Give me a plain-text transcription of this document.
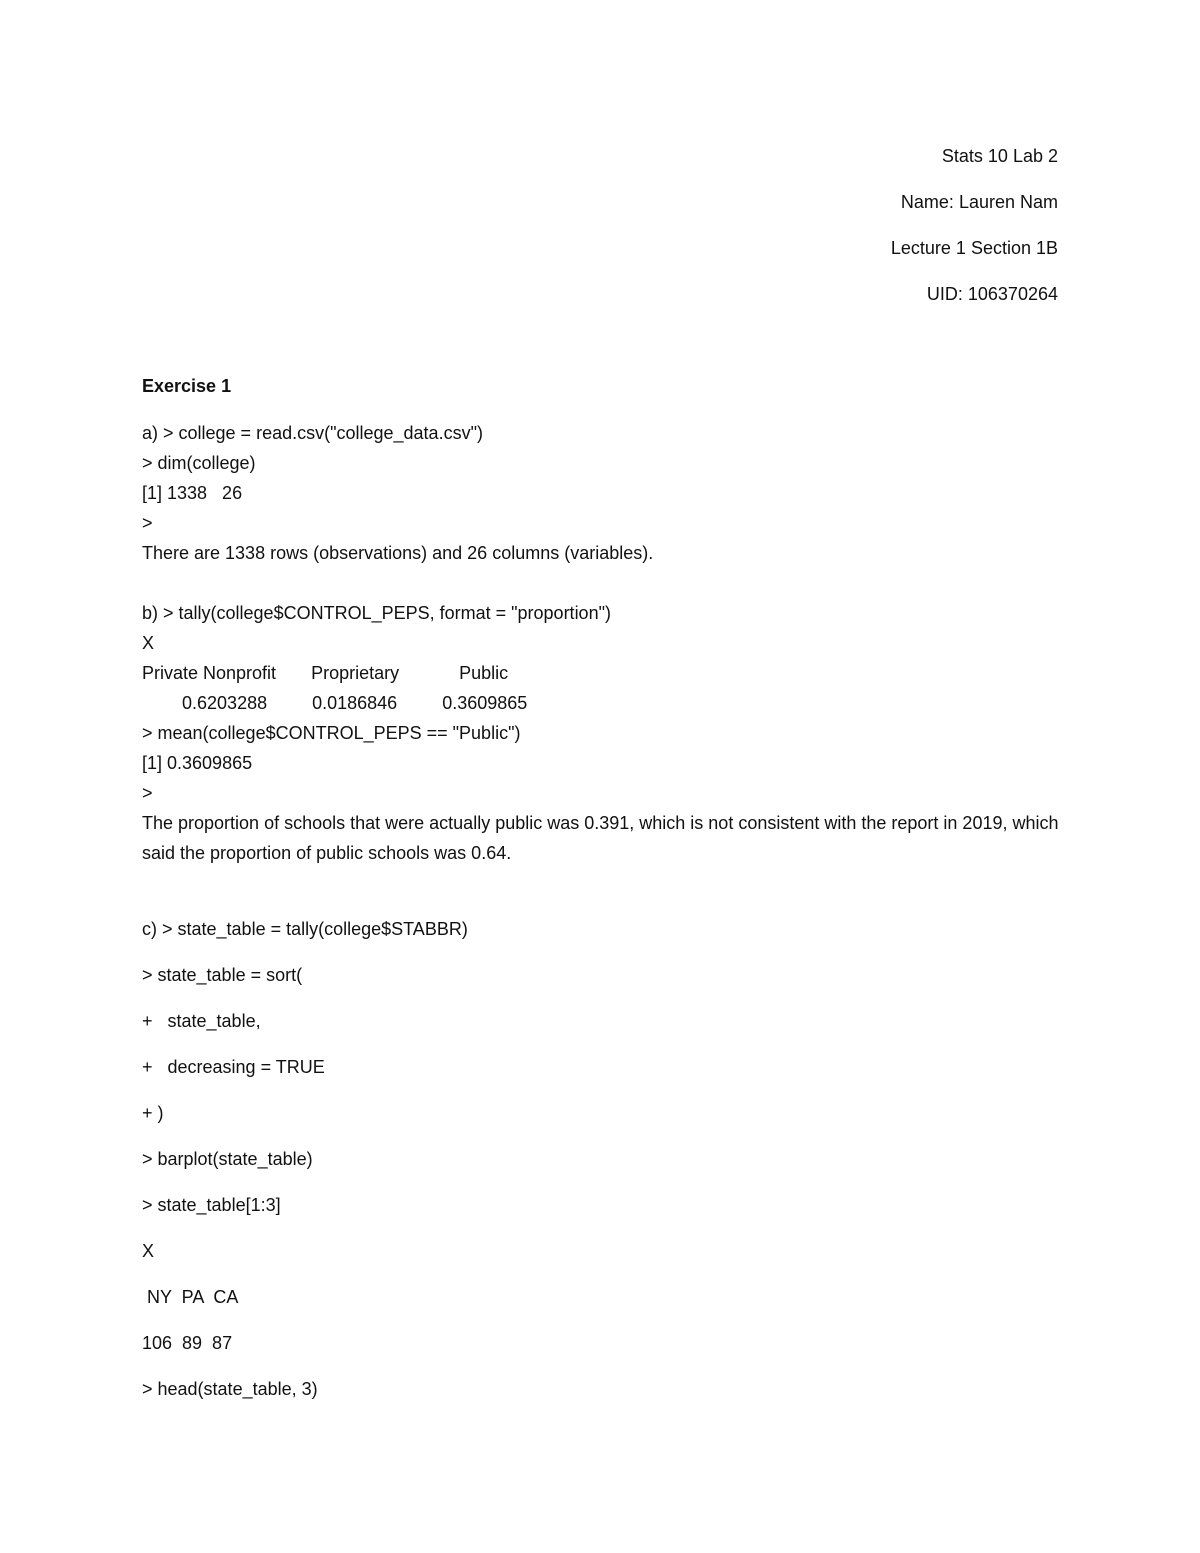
Stats 10 Lab 2
Name: Lauren Nam
Lecture 1 Section 1B
UID: 106370264
Exercise 1
a) > college = read.csv("college_data.csv")
> dim(college)
[1] 1338   26
>
There are 1338 rows (observations) and 26 columns (variables).
b) > tally(college$CONTROL_PEPS, format = "proportion")
X
Private Nonprofit       Proprietary            Public
0.6203288         0.0186846         0.3609865
> mean(college$CONTROL_PEPS == "Public")
[1] 0.3609865
>
The proportion of schools that were actually public was 0.391, which is not consistent with the report in 2019, which said the proportion of public schools was 0.64.
c) > state_table = tally(college$STABBR)
> state_table = sort(
+   state_table,
+   decreasing = TRUE
+ )
> barplot(state_table)
> state_table[1:3]
X
NY  PA  CA
106  89  87
> head(state_table, 3)
